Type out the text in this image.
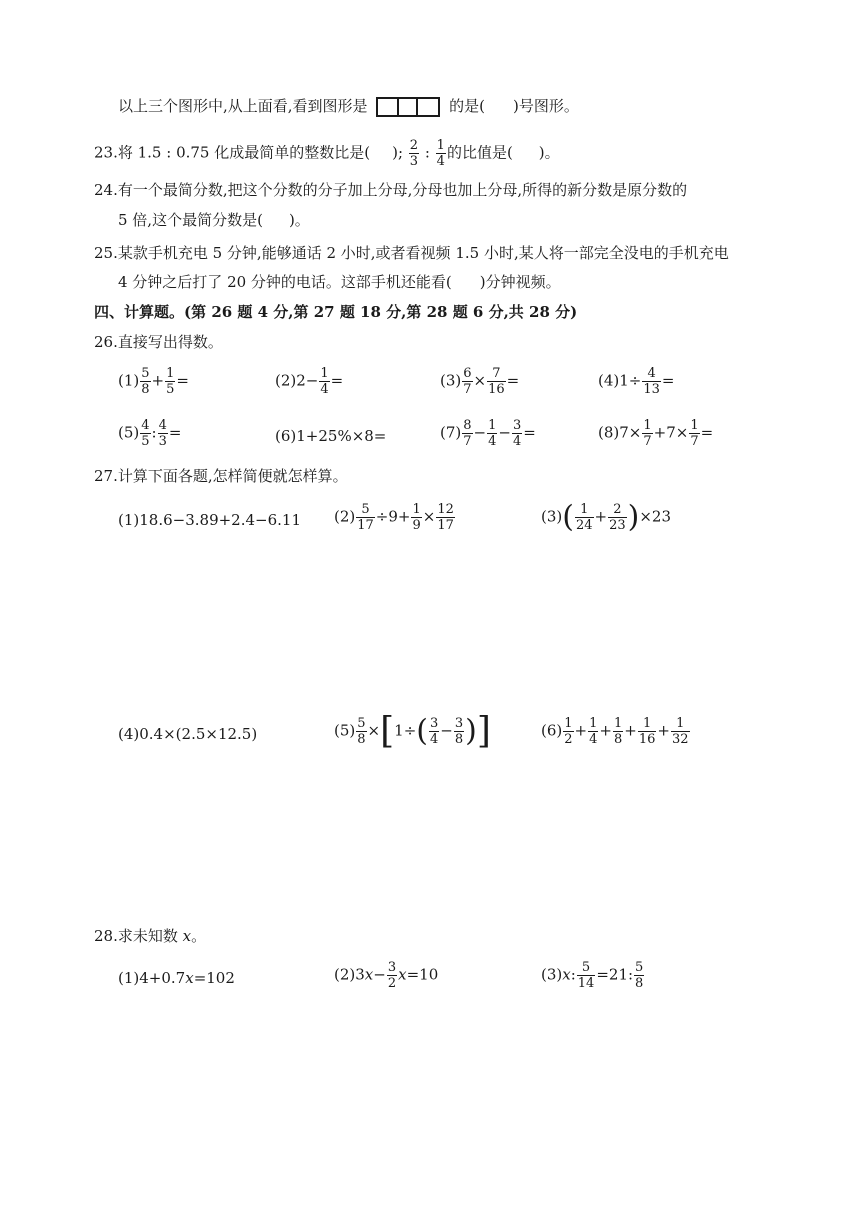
以上三个图形中,从上面看,看到图形是	的是( )号图形。
23.将 1.5 : 0.75 化成最简单的整数比是( ); $\frac{2}{3}$ : $\frac{1}{4}$ 的比值是( )。
24.有一个最简分数,把这个分数的分子加上分母,分母也加上分母,所得的新分数是原分数的
5 倍,这个最简分数是( )。
25.某款手机充电 5 分钟,能够通话 2 小时,或者看视频 1.5 小时,某人将一部完全没电的手机充电
4 分钟之后打了 20 分钟的电话。这部手机还能看( )分钟视频。
四、计算题。(第 26 题 4 分,第 27 题 18 分,第 28 题 6 分,共 28 分)
26.直接写出得数。
$(1) \frac{5}{8} + \frac{1}{5}$ =	$(2)2- \frac{1}{4}$ =	$(3) \frac{6}{7} \times \frac{7}{16}$ =	$(4)1\div \frac{4}{13}$ =
$(5) \frac{4}{5}$ : $\frac{4}{3}$ =	(6)1+25%×8=	$(7) \frac{8}{7} - \frac{1}{4} - \frac{3}{4}$ =	$(8)7\times \frac{1}{7} +7\times \frac{1}{7}$ =
27.计算下面各题,怎样简便就怎样算。
(1)18.6−3.89+2.4−6.11 $(2) \frac{5}{17} \div 9+ \frac{1}{9} \times \frac{12}{17}$	$(3)( \frac{1}{24} + \frac{2}{23} )\times 23$
(4)0.4×(2.5×12.5)	$(5) \frac{5}{8} \times[1\div( \frac{3}{4} - \frac{3}{8}$ )]	$(6) \frac{1}{2} + \frac{1}{4} + \frac{1}{8} + \frac{1}{16} + \frac{1}{32}$
28.求未知数 x。
(1)4+0.7x=102	$(2)3x- \frac{3}{2} x=10$	(3)x: $\frac{5}{14} =21$: $\frac{5}{8}$
